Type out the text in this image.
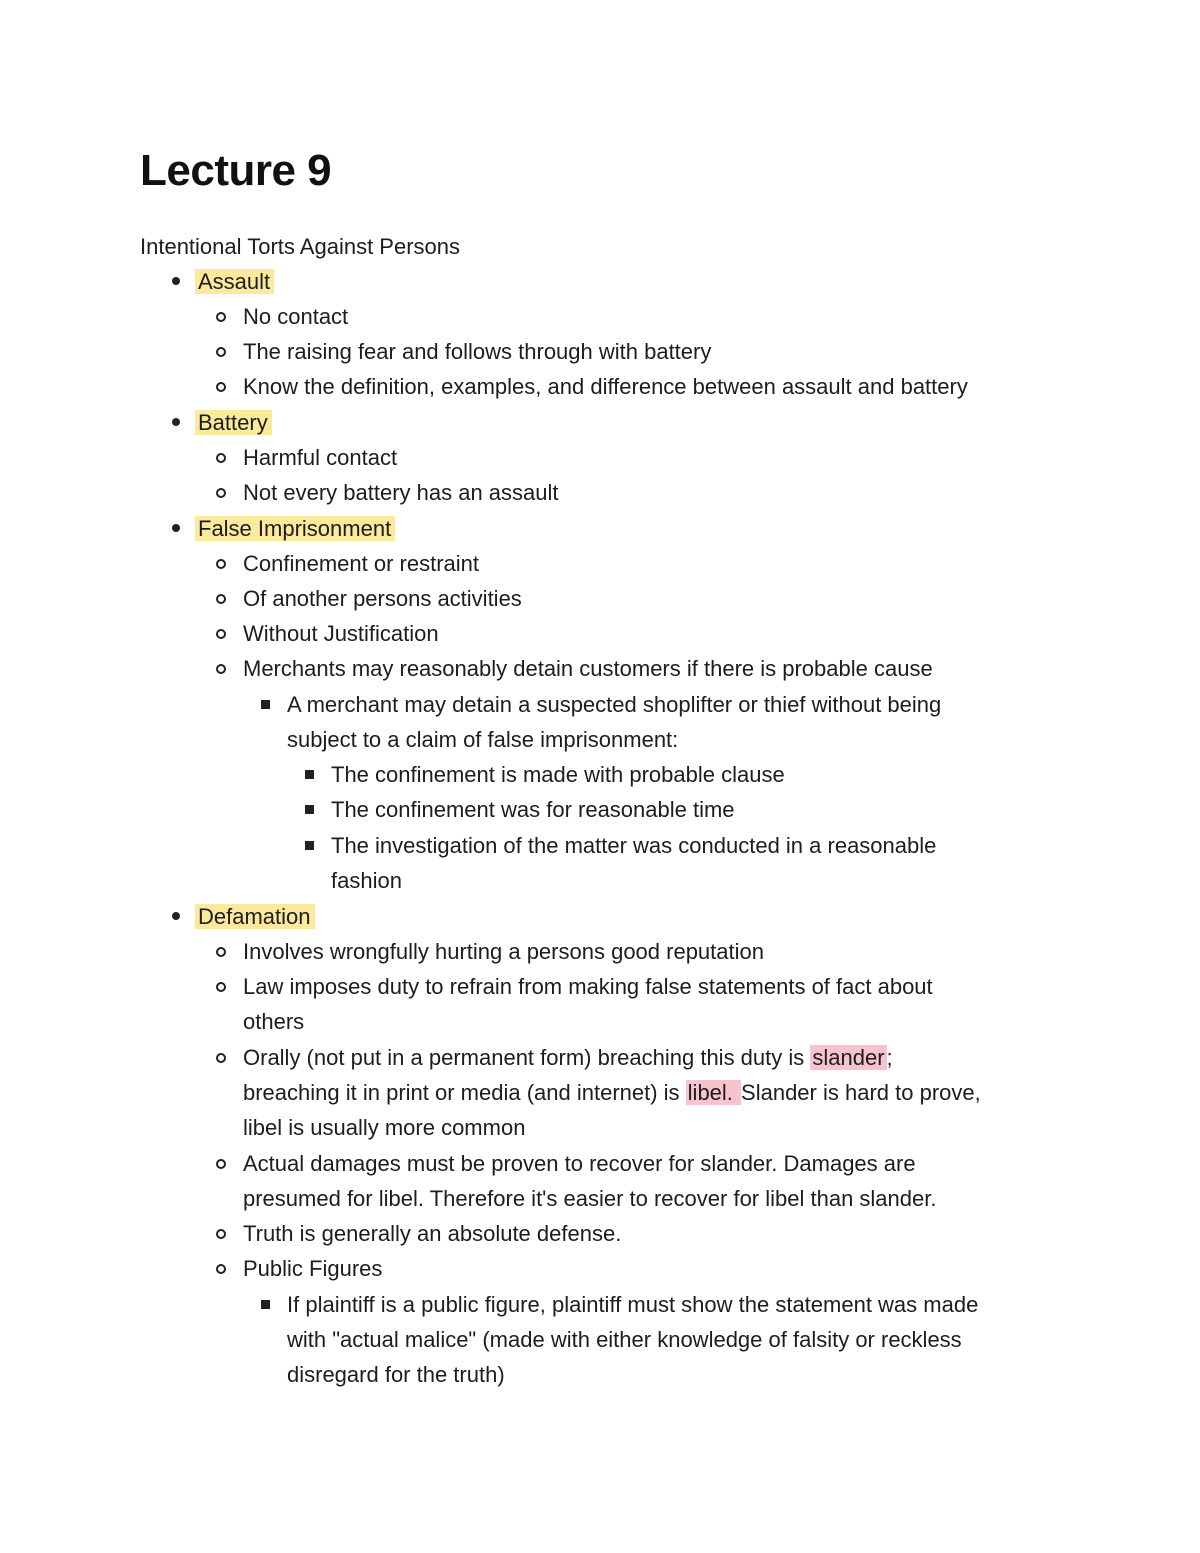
Lecture 9
Intentional Torts Against Persons
Assault
No contact
The raising fear and follows through with battery
Know the definition, examples, and difference between assault and battery
Battery
Harmful contact
Not every battery has an assault
False Imprisonment
Confinement or restraint
Of another persons activities
Without Justification
Merchants may reasonably detain customers if there is probable cause
A merchant may detain a suspected shoplifter or thief without being
subject to a claim of false imprisonment:
The confinement is made with probable clause
The confinement was for reasonable time
The investigation of the matter was conducted in a reasonable
fashion
Defamation
Involves wrongfully hurting a persons good reputation
Law imposes duty to refrain from making false statements of fact about
others
Orally (not put in a permanent form) breaching this duty is slander;
breaching it in print or media (and internet) is libel. Slander is hard to prove,
libel is usually more common
Actual damages must be proven to recover for slander. Damages are
presumed for libel. Therefore it's easier to recover for libel than slander.
Truth is generally an absolute defense.
Public Figures
If plaintiff is a public figure, plaintiff must show the statement was made
with "actual malice" (made with either knowledge of falsity or reckless
disregard for the truth)
